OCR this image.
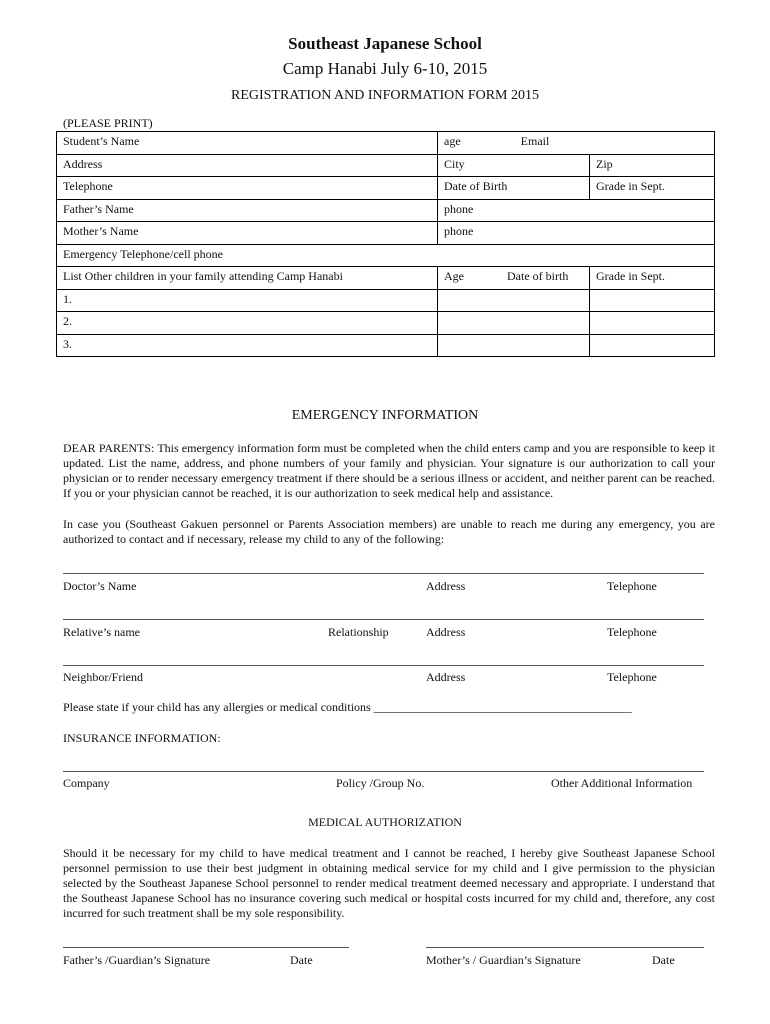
Southeast Japanese School
Camp Hanabi July 6-10, 2015
REGISTRATION AND INFORMATION FORM 2015
(PLEASE PRINT)
Student’s Name	age Email	
Address	City	Zip
Telephone	Date of Birth	Grade in Sept.
Father’s Name	phone	
Mother’s Name	phone	
Emergency Telephone/cell phone		
List Other children in your family attending Camp Hanabi	Age Date of birth	Grade in Sept.
1.		
2.		
3.		
EMERGENCY INFORMATION
DEAR PARENTS: This emergency information form must be completed when the child enters camp and you are responsible to keep it updated. List the name, address, and phone numbers of your family and physician. Your signature is our authorization to call your physician or to render necessary emergency treatment if there should be a serious illness or accident, and neither parent can be reached. If you or your physician cannot be reached, it is our authorization to seek medical help and assistance.
In case you (Southeast Gakuen personnel or Parents Association members) are unable to reach me during any emergency, you are authorized to contact and if necessary, release my child to any of the following:
Doctor’s Name	Address	Telephone
Relative’s name	Relationship	Address	Telephone
Neighbor/Friend	Address	Telephone
Please state if your child has any allergies or medical conditions ___________________________________________
INSURANCE INFORMATION:
Company	Policy /Group No.	Other Additional Information
MEDICAL AUTHORIZATION
Should it be necessary for my child to have medical treatment and I cannot be reached, I hereby give Southeast Japanese School personnel permission to use their best judgment in obtaining medical service for my child and I give permission to the physician selected by the Southeast Japanese School personnel to render medical treatment deemed necessary and appropriate. I understand that the Southeast Japanese School has no insurance covering such medical or hospital costs incurred for my child and, therefore, any cost incurred for such treatment shall be my sole responsibility.
Father’s /Guardian’s Signature	Date	Mother’s / Guardian’s Signature	Date
